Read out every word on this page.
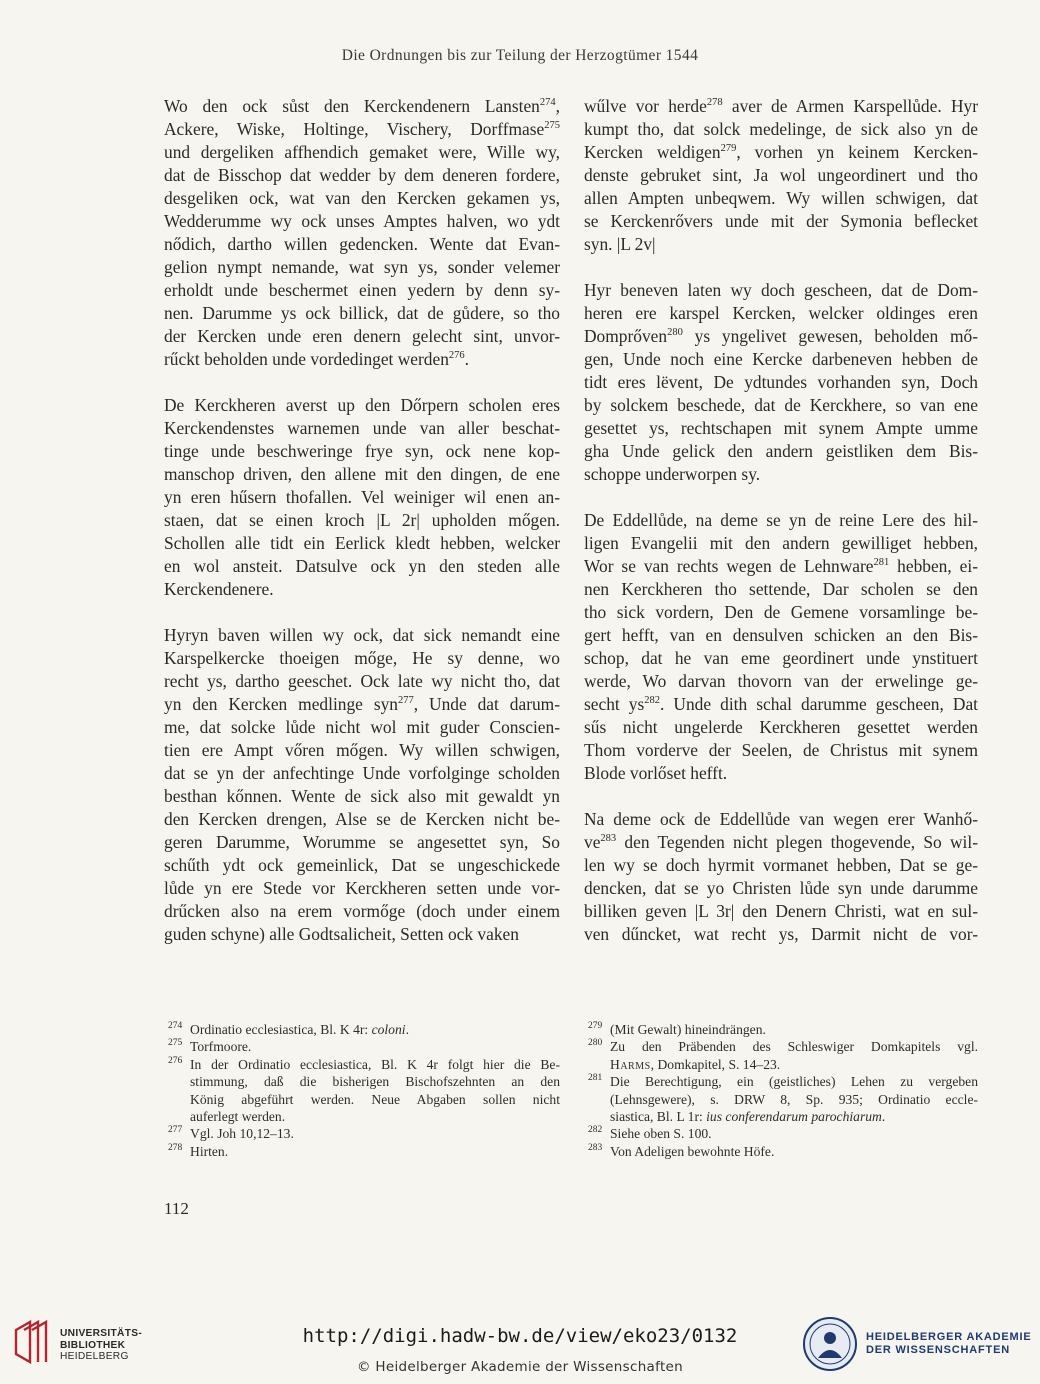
Die Ordnungen bis zur Teilung der Herzogtümer 1544
Wo den ock sůst den Kerckendenern Lansten$^{274}$,
Ackere, Wiske, Holtinge, Vischery, Dorffmase$^{275}$
und dergeliken affhendich gemaket were, Wille wy,
dat de Bisschop dat wedder by dem deneren fordere,
desgeliken ock, wat van den Kercken gekamen ys,
Wedderumme wy ock unses Amptes halven, wo ydt
nődich, dartho willen gedencken. Wente dat Evan-
gelion nympt nemande, wat syn ys, sonder velemer
erholdt unde beschermet einen yedern by denn sy-
nen. Darumme ys ock billick, dat de gůdere, so tho
der Kercken unde eren denern gelecht sint, unvor-
rűckt beholden unde vordedinget werden$^{276}$.
De Kerckheren averst up den Dőrpern scholen eres
Kerckendenstes warnemen unde van aller beschat-
tinge unde beschweringe frye syn, ock nene kop-
manschop driven, den allene mit den dingen, de ene
yn eren hűsern thofallen. Vel weiniger wil enen an-
staen, dat se einen kroch |L 2r| upholden mőgen.
Schollen alle tidt ein Eerlick kledt hebben, welcker
en wol ansteit. Datsulve ock yn den steden alle
Kerckendenere.
Hyryn baven willen wy ock, dat sick nemandt eine
Karspelkercke thoeigen mőge, He sy denne, wo
recht ys, dartho geeschet. Ock late wy nicht tho, dat
yn den Kercken medlinge syn$^{277}$, Unde dat darum-
me, dat solcke lůde nicht wol mit guder Conscien-
tien ere Ampt vőren mőgen. Wy willen schwigen,
dat se yn der anfechtinge Unde vorfolginge scholden
besthan kőnnen. Wente de sick also mit gewaldt yn
den Kercken drengen, Alse se de Kercken nicht be-
geren Darumme, Worumme se angesettet syn, So
schűth ydt ock gemeinlick, Dat se ungeschickede
lůde yn ere Stede vor Kerckheren setten unde vor-
drűcken also na erem vormőge (doch under einem
guden schyne) alle Godtsalicheit, Setten ock vaken
wűlve vor herde$^{278}$ aver de Armen Karspellůde. Hyr
kumpt tho, dat solck medelinge, de sick also yn de
Kercken weldigen$^{279}$, vorhen yn keinem Kercken-
denste gebruket sint, Ja wol ungeordinert und tho
allen Ampten unbeqwem. Wy willen schwigen, dat
se Kerckenrővers unde mit der Symonia beflecket
syn. |L 2v|
Hyr beneven laten wy doch gescheen, dat de Dom-
heren ere karspel Kercken, welcker oldinges eren
Domprőven$^{280}$ ys yngelivet gewesen, beholden mő-
gen, Unde noch eine Kercke darbeneven hebben de
tidt eres lëvent, De ydtundes vorhanden syn, Doch
by solckem beschede, dat de Kerckhere, so van ene
gesettet ys, rechtschapen mit synem Ampte umme
gha Unde gelick den andern geistliken dem Bis-
schoppe underworpen sy.
De Eddellůde, na deme se yn de reine Lere des hil-
ligen Evangelii mit den andern gewilliget hebben,
Wor se van rechts wegen de Lehnware$^{281}$ hebben, ei-
nen Kerckheren tho settende, Dar scholen se den
tho sick vordern, Den de Gemene vorsamlinge be-
gert hefft, van en densulven schicken an den Bis-
schop, dat he van eme geordinert unde ynstituert
werde, Wo darvan thovorn van der erwelinge ge-
secht $ys^{282}$. Unde dith schal darumme gescheen, Dat
sűs nicht ungelerde Kerckheren gesettet werden
Thom vorderve der Seelen, de Christus mit synem
Blode vorlőset hefft.
Na deme ock de Eddellůde van wegen erer Wanhő-
$ve^{283}$ den Tegenden nicht plegen thogevende, So wil-
len wy se doch hyrmit vormanet hebben, Dat se ge-
dencken, dat se yo Christen lůde syn unde darumme
billiken geven |L 3r| den Denern Christi, wat en sul-
ven dűncket, wat recht ys, Darmit nicht de vor-
274 Ordinatio ecclesiastica, Bl. K 4r: coloni.
275 Torfmoore.
276 In der Ordinatio ecclesiastica, Bl. K 4r folgt hier die Be-
stimmung, daß die bisherigen Bischofszehnten an den
König abgeführt werden. Neue Abgaben sollen nicht
auferlegt werden.
277 Vgl. Joh 10,12–13.
278 Hirten.
279 (Mit Gewalt) hineindrängen.
280 Zu den Präbenden des Schleswiger Domkapitels vgl.
Harms, Domkapitel, S. 14–23.
281 Die Berechtigung, ein (geistliches) Lehen zu vergeben
(Lehnsgewere), s. DRW 8, Sp. 935; Ordinatio eccle-
siastica, Bl. L 1r: ius conferendarum parochiarum.
282 Siehe oben S. 100.
283 Von Adeligen bewohnte Höfe.
112
UNIVERSITÄTS-
BIBLIOTHEK
HEIDELBERG
http://digi.hadw-bw.de/view/eko23/0132
© Heidelberger Akademie der Wissenschaften
HEIDELBERGER AKADEMIE
DER WISSENSCHAFTEN
